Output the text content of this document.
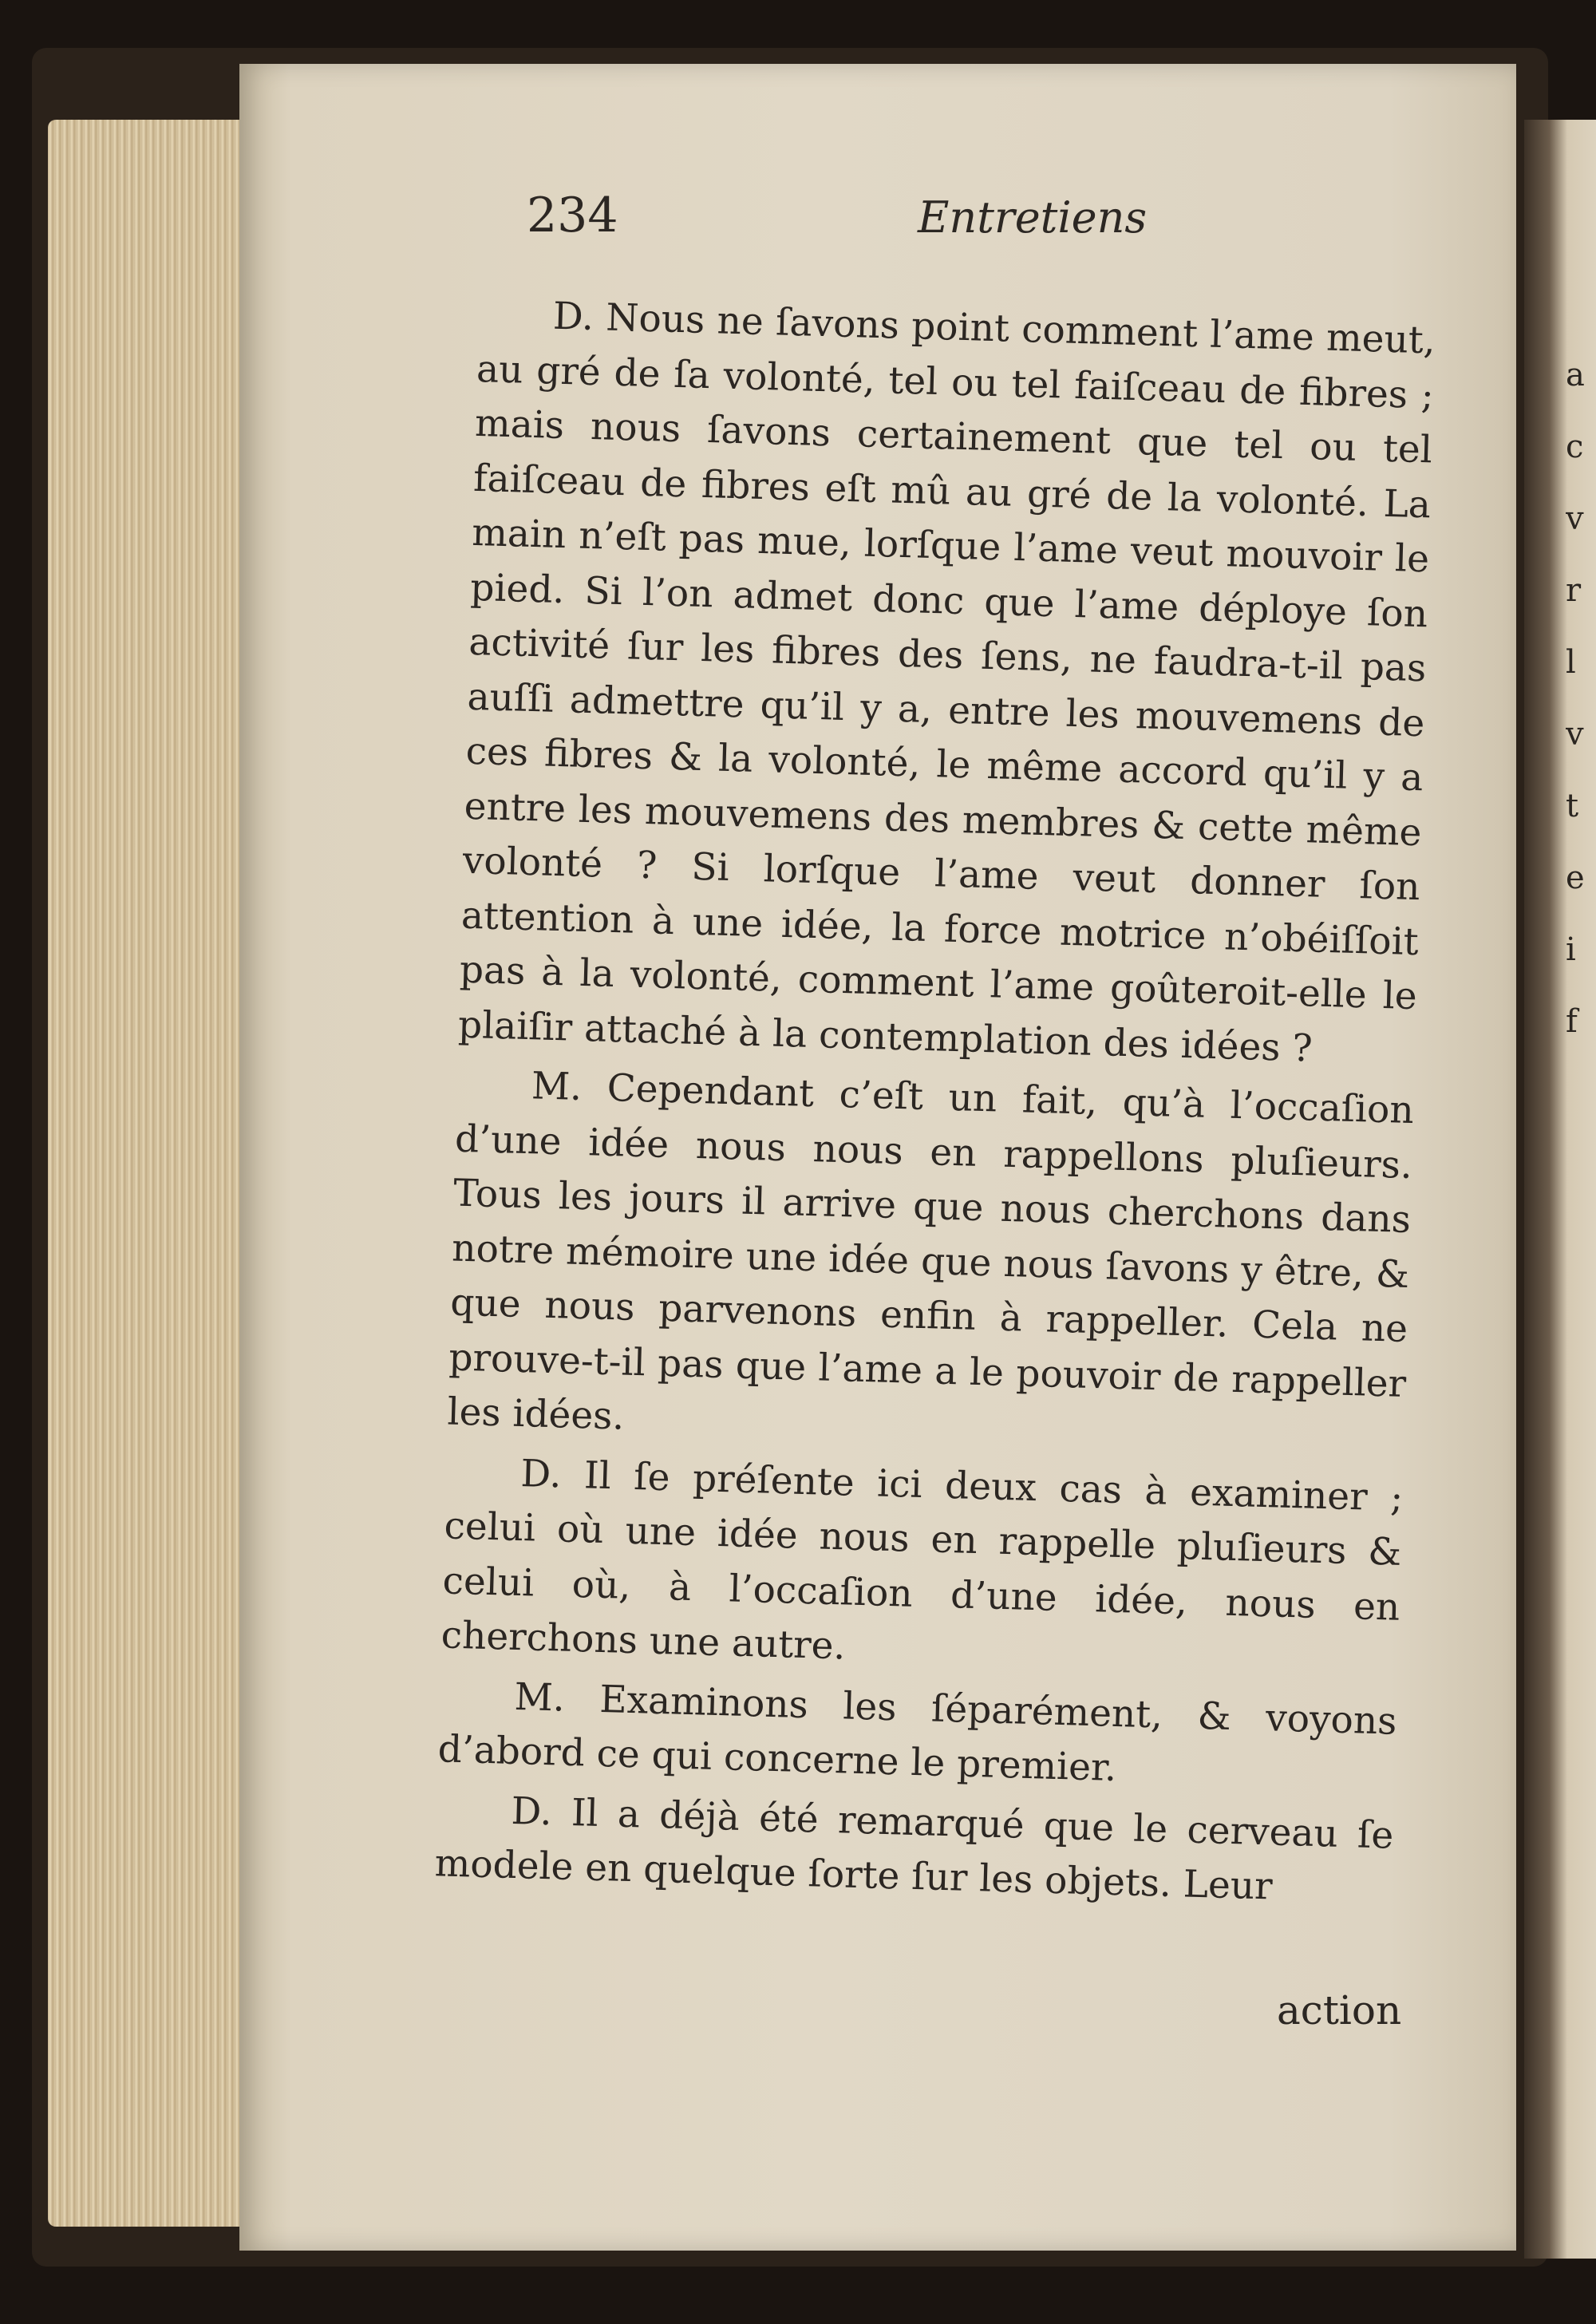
234	Entretiens

D. Nous ne ſavons point comment l’ame meut, au gré de ſa volonté, tel ou tel faiſceau de fibres ; mais nous ſavons certainement que tel ou tel faiſceau de fibres eſt mû au gré de la volonté. La main n’eſt pas mue, lorſque l’ame veut mouvoir le pied. Si l’on admet donc que l’ame déploye ſon activité ſur les fibres des ſens, ne faudra-t-il pas auſſi admettre qu’il y a, entre les mouvemens de ces fibres & la volonté, le même accord qu’il y a entre les mouvemens des membres & cette même volonté ? Si lorſque l’ame veut donner ſon attention à une idée, la force motrice n’obéiſſoit pas à la volonté, comment l’ame goûteroit-elle le plaiſir attaché à la contemplation des idées ?

M. Cependant c’eſt un fait, qu’à l’occaſion d’une idée nous nous en rappellons pluſieurs. Tous les jours il arrive que nous cherchons dans notre mémoire une idée que nous ſavons y être, & que nous parvenons enfin à rappeller. Cela ne prouve-t-il pas que l’ame a le pouvoir de rappeller les idées.

D. Il ſe préſente ici deux cas à examiner ; celui où une idée nous en rappelle pluſieurs & celui où, à l’occaſion d’une idée, nous en cherchons une autre.

M. Examinons les ſéparément, & voyons d’abord ce qui concerne le premier.

D. Il a déjà été remarqué que le cerveau ſe modele en quelque ſorte ſur les objets. Leur

action
a
c
v
r
l
v
t
e
i
f
